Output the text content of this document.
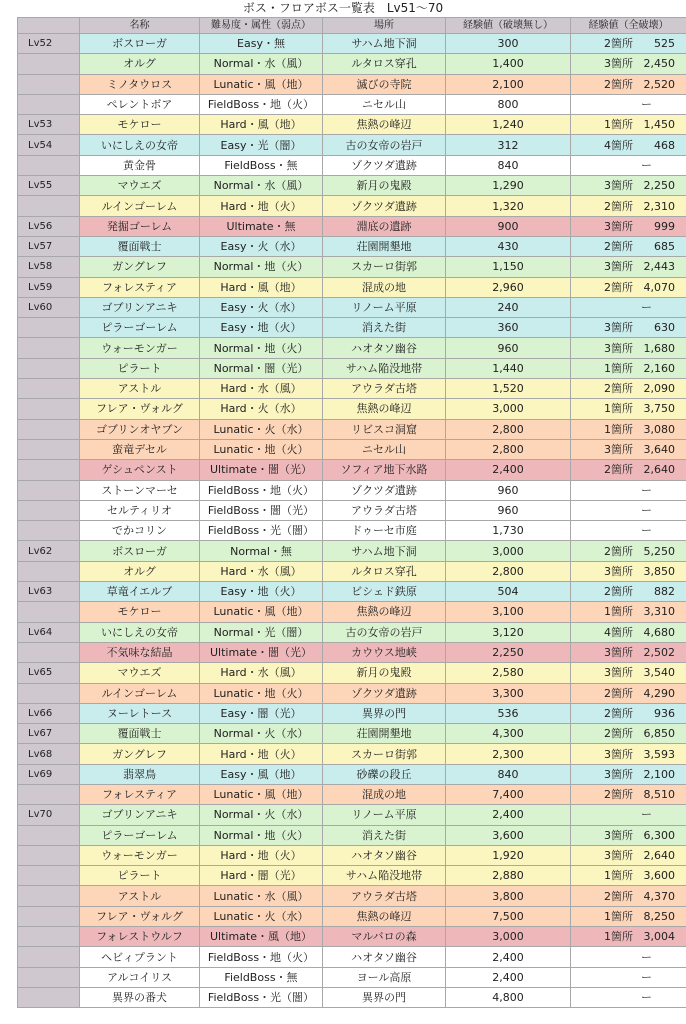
ボス・フロアボス一覧表　Lv51〜70
	名称	難易度・属性（弱点）	場所	経験値（破壊無し）	経験値（全破壊）
Lv52	ボスローガ	Easy・無	サハム地下洞	300	2箇所 525
	オルグ	Normal・水（風）	ルタロス穿孔	1,400	3箇所 2,450
	ミノタウロス	Lunatic・風（地）	滅びの寺院	2,100	2箇所 2,520
	ペレントボア	FieldBoss・地（火）	ニセル山	800	ー

Lv53	モケロー	Hard・風（地）	焦熱の峰辺	1,240	1箇所 1,450
Lv54	いにしえの女帝	Easy・光（闇）	古の女帝の岩戸	312	4箇所 468
	黄金骨	FieldBoss・無	ゾクツダ遺跡	840	ー

Lv55	マウエズ	Normal・水（風）	新月の鬼殿	1,290	3箇所 2,250
	ルインゴーレム	Hard・地（火）	ゾクツダ遺跡	1,320	2箇所 2,310
Lv56	発掘ゴーレム	Ultimate・無	淵底の遺跡	900	3箇所 999
Lv57	覆面戦士	Easy・火（水）	荘園開墾地	430	2箇所 685
Lv58	ガングレフ	Normal・地（火）	スカーロ街郭	1,150	3箇所 2,443
Lv59	フォレスティア	Hard・風（地）	混成の地	2,960	2箇所 4,070
Lv60	ゴブリンアニキ	Easy・火（水）	リノーム平原	240	ー

	ピラーゴーレム	Easy・地（火）	消えた街	360	3箇所 630
	ウォーモンガー	Normal・地（火）	ハオタソ幽谷	960	3箇所 1,680
	ピラート	Normal・闇（光）	サハム陥没地帯	1,440	1箇所 2,160
	アストル	Hard・水（風）	アウラダ古塔	1,520	2箇所 2,090
	フレア・ヴォルグ	Hard・火（水）	焦熱の峰辺	3,000	1箇所 3,750
	ゴブリンオヤブン	Lunatic・火（水）	リビスコ洞窟	2,800	1箇所 3,080
	蛮竜デセル	Lunatic・地（火）	ニセル山	2,800	3箇所 3,640
	ゲシュペンスト	Ultimate・闇（光）	ソフィア地下水路	2,400	2箇所 2,640
	ストーンマーセ	FieldBoss・地（火）	ゾクツダ遺跡	960	ー

	セルティリオ	FieldBoss・闇（光）	アウラダ古塔	960	ー

	でかコリン	FieldBoss・光（闇）	ドゥーセ市庭	1,730	ー

Lv62	ボスローガ	Normal・無	サハム地下洞	3,000	2箇所 5,250
	オルグ	Hard・水（風）	ルタロス穿孔	2,800	3箇所 3,850
Lv63	草竜イエルブ	Easy・地（火）	ビシェド鉄原	504	2箇所 882
	モケロー	Lunatic・風（地）	焦熱の峰辺	3,100	1箇所 3,310
Lv64	いにしえの女帝	Normal・光（闇）	古の女帝の岩戸	3,120	4箇所 4,680
	不気味な結晶	Ultimate・闇（光）	カウウス地峡	2,250	3箇所 2,502
Lv65	マウエズ	Hard・水（風）	新月の鬼殿	2,580	3箇所 3,540
	ルインゴーレム	Lunatic・地（火）	ゾクツダ遺跡	3,300	2箇所 4,290
Lv66	ヌーレトース	Easy・闇（光）	異界の門	536	2箇所 936
Lv67	覆面戦士	Normal・火（水）	荘園開墾地	4,300	2箇所 6,850
Lv68	ガングレフ	Hard・地（火）	スカーロ街郭	2,300	3箇所 3,593
Lv69	翡翠鳥	Easy・風（地）	砂礫の段丘	840	3箇所 2,100
	フォレスティア	Lunatic・風（地）	混成の地	7,400	2箇所 8,510
Lv70	ゴブリンアニキ	Normal・火（水）	リノーム平原	2,400	ー

	ピラーゴーレム	Normal・地（火）	消えた街	3,600	3箇所 6,300
	ウォーモンガー	Hard・地（火）	ハオタソ幽谷	1,920	3箇所 2,640
	ピラート	Hard・闇（光）	サハム陥没地帯	2,880	1箇所 3,600
	アストル	Lunatic・水（風）	アウラダ古塔	3,800	2箇所 4,370
	フレア・ヴォルグ	Lunatic・火（水）	焦熱の峰辺	7,500	1箇所 8,250
	フォレストウルフ	Ultimate・風（地）	マルバロの森	3,000	1箇所 3,004
	ヘビィプラント	FieldBoss・地（火）	ハオタソ幽谷	2,400	ー

	アルコイリス	FieldBoss・無	ヨール高原	2,400	ー

	異界の番犬	FieldBoss・光（闇）	異界の門	4,800	ー
